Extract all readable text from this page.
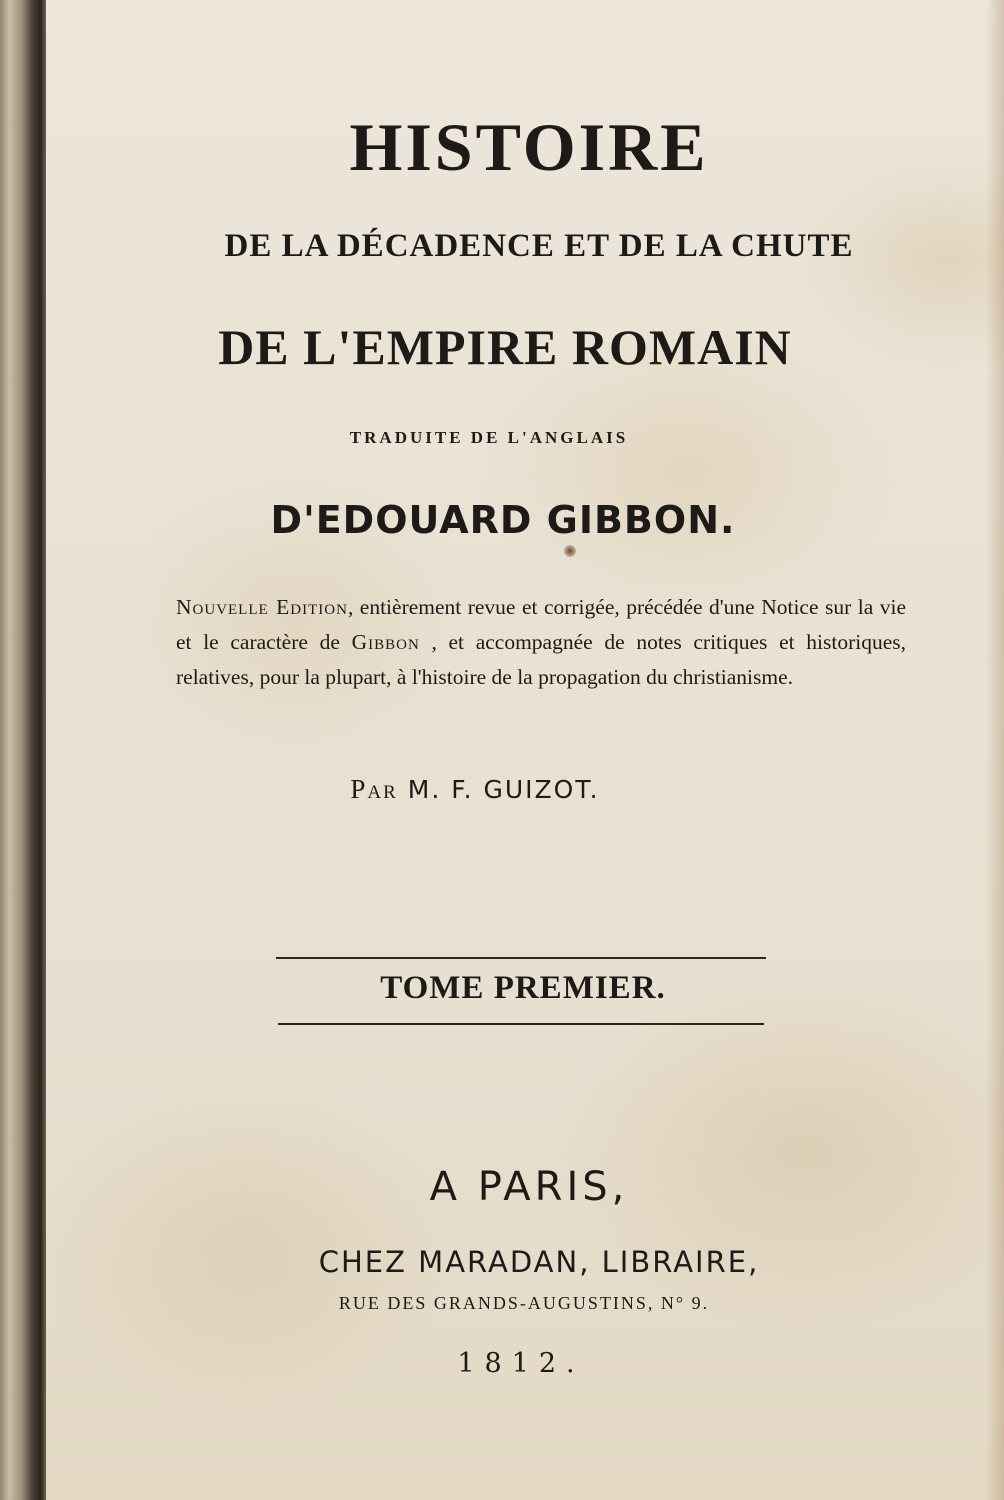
HISTOIRE
DE LA DÉCADENCE ET DE LA CHUTE
DE L'EMPIRE ROMAIN
TRADUITE DE L'ANGLAIS
D'EDOUARD GIBBON.
Nouvelle Edition, entièrement revue et corrigée, précédée d'une Notice sur la vie et le caractère de Gibbon , et accompagnée de notes critiques et historiques, relatives, pour la plupart, à l'histoire de la propagation du christianisme.
Par M. F. GUIZOT.
TOME PREMIER.
A PARIS,
CHEZ MARADAN, LIBRAIRE,
RUE DES GRANDS-AUGUSTINS, N° 9.
1812.
